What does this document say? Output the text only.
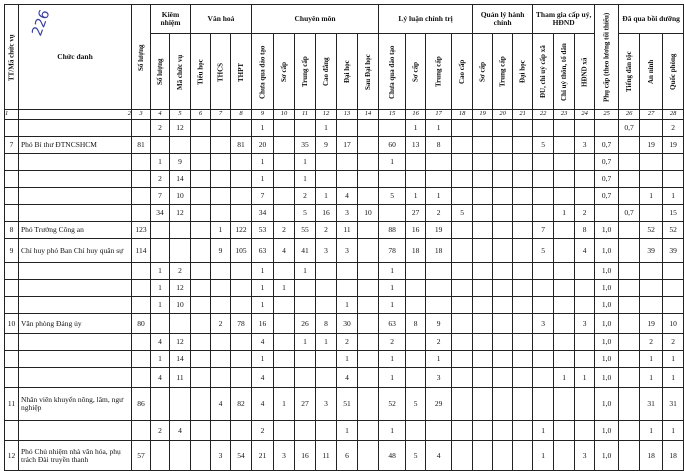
226
TT/Mã chức vụ	Chức danh	Số lượng	Kiêm nhiệm		Văn hoá			Chuyên môn						Lý luận chính trị				Quản lý hành chính			Tham gia cấp uỷ, HĐND			Phụ cấp (theo lương tối thiểu)	Đã qua bồi dưỡng			
			Số lượng	Mã chức vụ	Tiểu học	THCS	THPT	Chưa qua đào tạo	Sơ cấp	Trung cấp	Cao đẳng	Đại học	Sau Đại học	Chưa qua đào tạo	Sơ cấp	Trung cấp	Cao cấp	Sơ cấp	Trung cấp	Đại học	ĐU, chi uỷ cấp xã	Chi uỷ thôn, tổ dân	HĐND xã		Tiếng dân tộc	An ninh	Quốc phòng	
1	2	3	4	5	6	7	8	9	10	11	12	13	14	15	16	17	18	19	20	21	22	23	24	25	26	27	28	
			2	12				1			1				1	1									0,7		2	
7	Phó Bí thư ĐTNCSHCM	81					81	20		35	9	17		60	13	8					5		3	0,7		19	19	
			1	9				1		1				1										0,7				
			2	14				1		1														0,7				
			7	10				7		2	1	4		5	1	1								0,7		1	1	
			34	12				34		5	16	3	10		27	2	5					1	2		0,7		15	
8	Phó Trưởng Công an	123				1	122	53	2	55	2	11		88	16	19					7		8	1,0		52	52	
9	Chỉ huy phó Ban Chỉ huy quân sự	114				9	105	63	4	41	3	3		78	18	18					5		4	1,0		39	39	
			1	2				1		1				1										1,0				
			1	12				1	1					1										1,0				
			1	10				1				1		1										1,0				
10	Văn phòng Đảng ủy	80				2	78	16		26	8	30		63	8	9					3		3	1,0		19	10	
			4	12				4		1	1	2		2		2								1,0		2	2	
			1	14				1				1		1		1								1,0		1	1	
			4	11				4				4		1		3						1	1	1,0		1	1	
11	Nhân viên khuyến nông, lâm, ngư nghiệp	86				4	82	4	1	27	3	51		52	5	29								1,0		31	31	
			2	4				2				1		1							1			1,0		1	1	
12	Phó Chủ nhiệm nhà văn hóa, phụ trách Đài truyền thanh	57				3	54	21	3	16	11	6		48	5	4					1		3	1,0		18	18	
